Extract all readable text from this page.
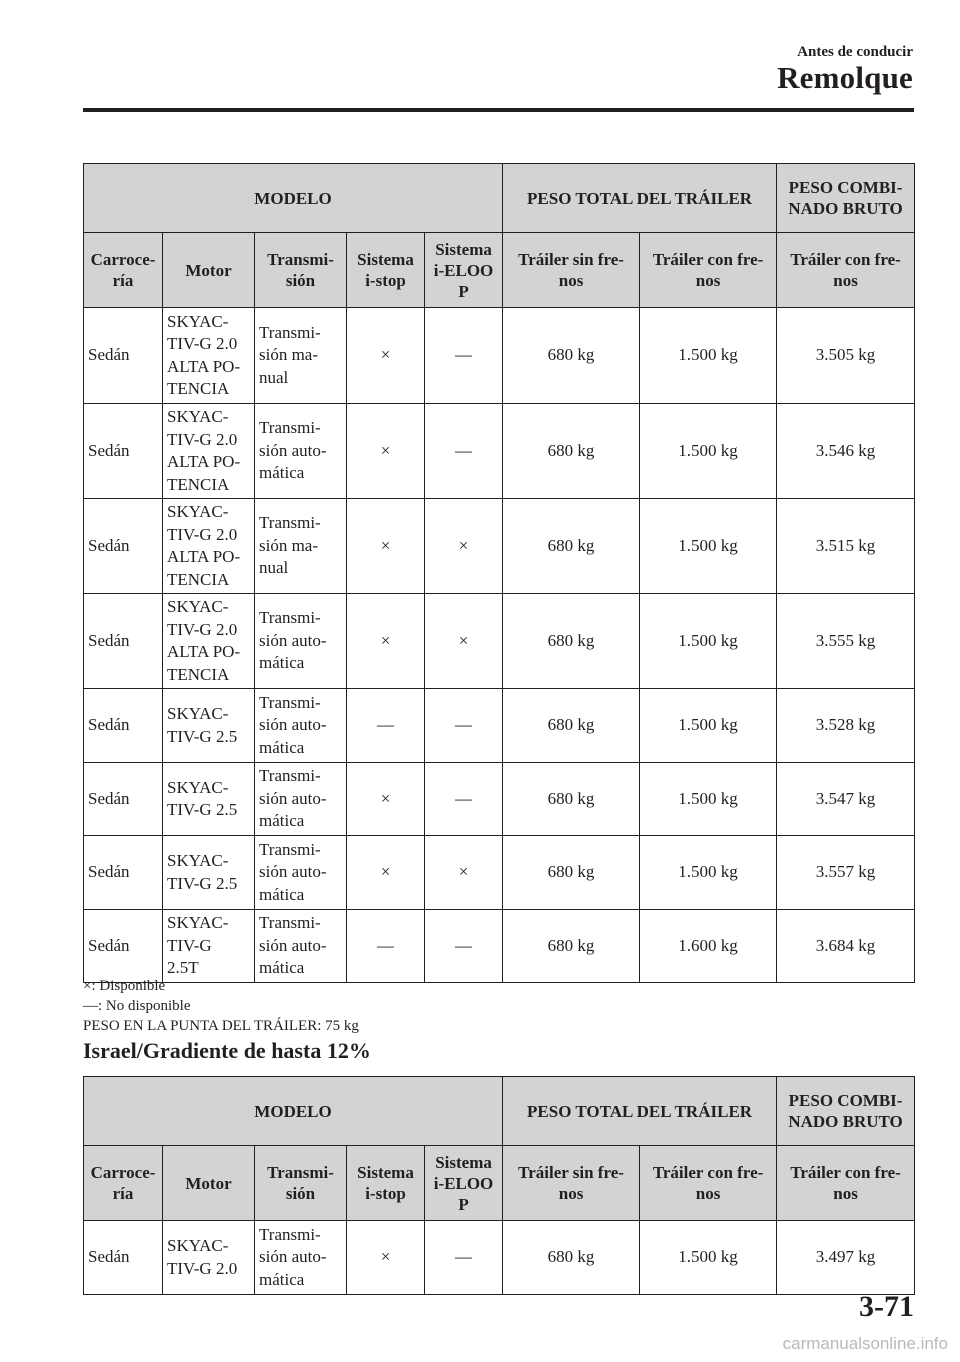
Antes de conducir
Remolque
MODELO					PESO TOTAL DEL TRÁILER		PESO COMBI-
NADO BRUTO
Carroce-
ría	Motor	Transmi-
sión	Sistema
i-stop	Sistema
i-ELOO
P	Tráiler sin fre-
nos	Tráiler con fre-
nos	Tráiler con fre-
nos
Sedán	SKYAC-
TIV-G 2.0
ALTA PO-
TENCIA	Transmi-
sión ma-
nual	×	―	680 kg	1.500 kg	3.505 kg
Sedán	SKYAC-
TIV-G 2.0
ALTA PO-
TENCIA	Transmi-
sión auto-
mática	×	―	680 kg	1.500 kg	3.546 kg
Sedán	SKYAC-
TIV-G 2.0
ALTA PO-
TENCIA	Transmi-
sión ma-
nual	×	×	680 kg	1.500 kg	3.515 kg
Sedán	SKYAC-
TIV-G 2.0
ALTA PO-
TENCIA	Transmi-
sión auto-
mática	×	×	680 kg	1.500 kg	3.555 kg
Sedán	SKYAC-
TIV-G 2.5	Transmi-
sión auto-
mática	―	―	680 kg	1.500 kg	3.528 kg
Sedán	SKYAC-
TIV-G 2.5	Transmi-
sión auto-
mática	×	―	680 kg	1.500 kg	3.547 kg
Sedán	SKYAC-
TIV-G 2.5	Transmi-
sión auto-
mática	×	×	680 kg	1.500 kg	3.557 kg
Sedán	SKYAC-
TIV-G
2.5T	Transmi-
sión auto-
mática	―	―	680 kg	1.600 kg	3.684 kg
×: Disponible
―: No disponible
PESO EN LA PUNTA DEL TRÁILER: 75 kg
Israel/Gradiente de hasta 12%
MODELO					PESO TOTAL DEL TRÁILER		PESO COMBI-
NADO BRUTO
Carroce-
ría	Motor	Transmi-
sión	Sistema
i-stop	Sistema
i-ELOO
P	Tráiler sin fre-
nos	Tráiler con fre-
nos	Tráiler con fre-
nos
Sedán	SKYAC-
TIV-G 2.0	Transmi-
sión auto-
mática	×	―	680 kg	1.500 kg	3.497 kg
3-71
carmanualsonline.info
